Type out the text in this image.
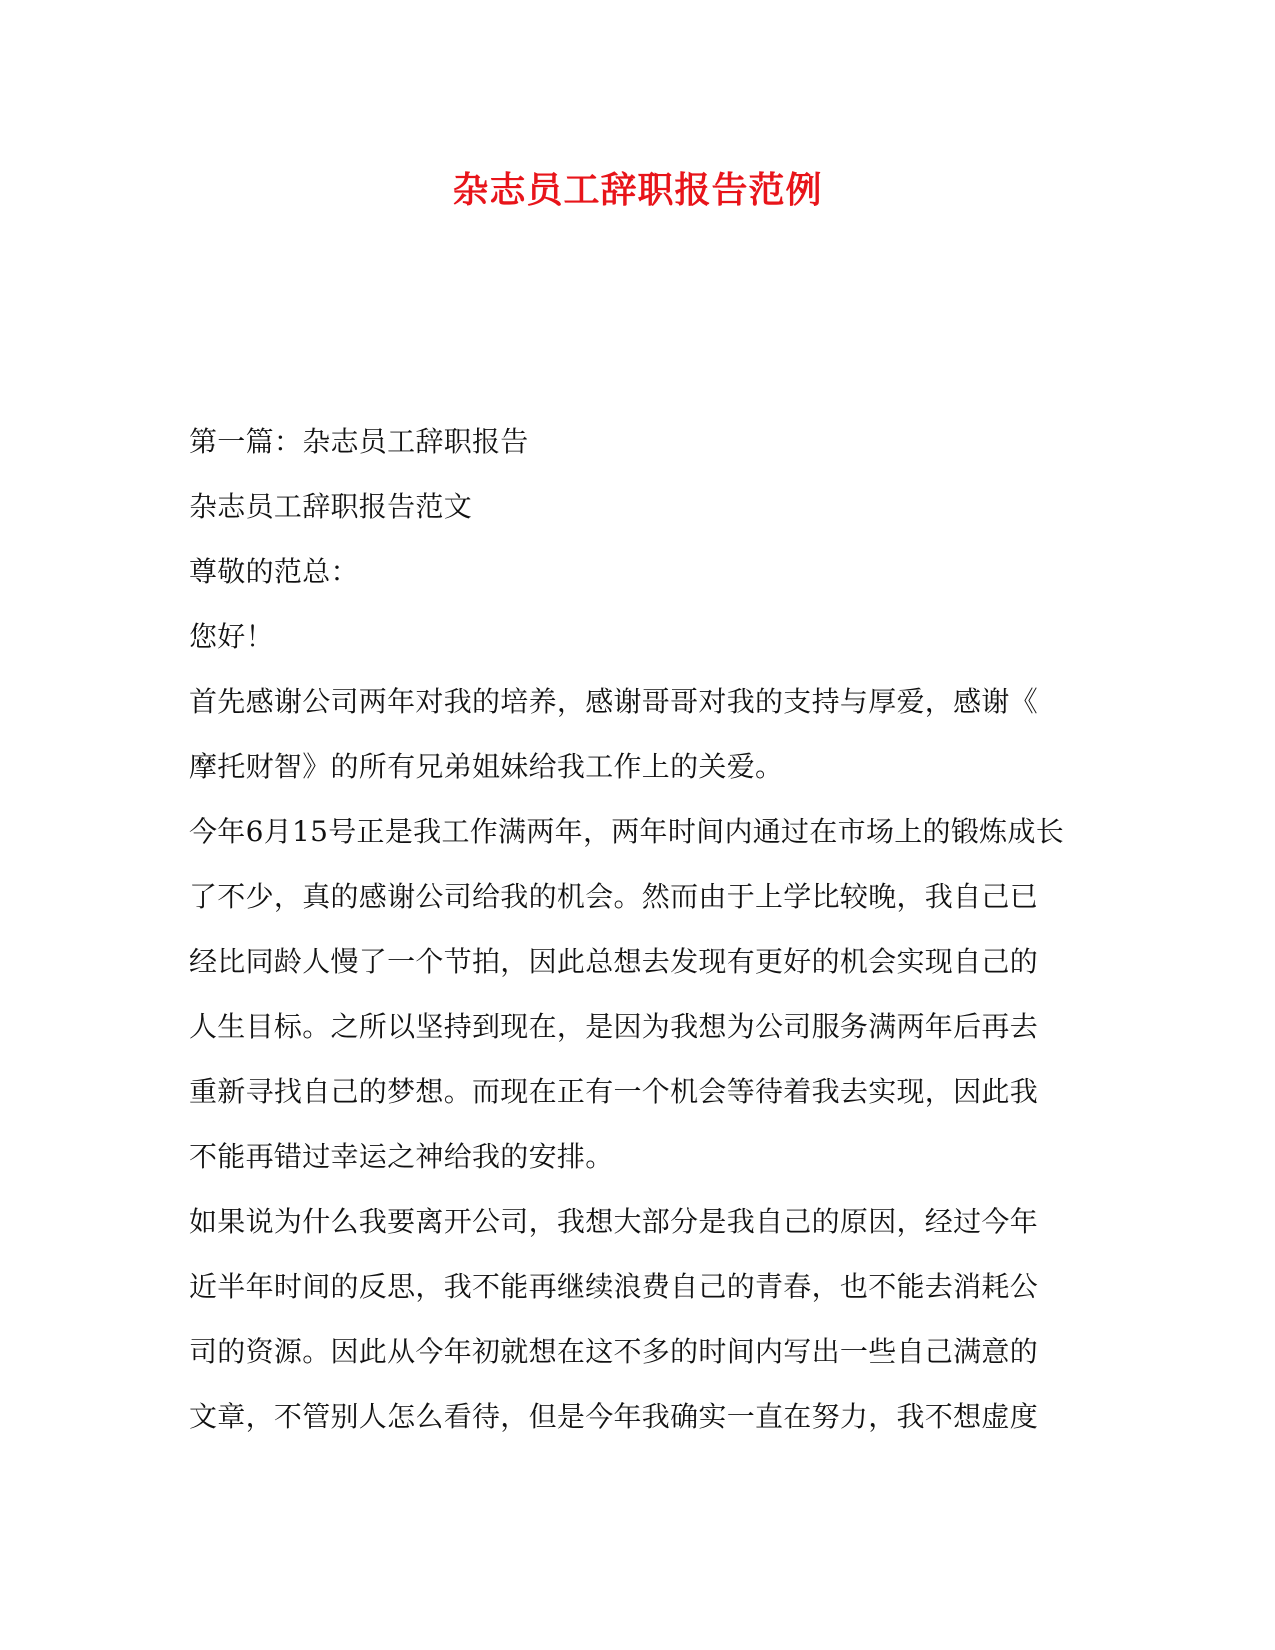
杂志员工辞职报告范例

第一篇：杂志员工辞职报告

杂志员工辞职报告范文

尊敬的范总：

您好！

首先感谢公司两年对我的培养，感谢哥哥对我的支持与厚爱，感谢《

摩托财智》的所有兄弟姐妹给我工作上的关爱。

今年6月15号正是我工作满两年，两年时间内通过在市场上的锻炼成长

了不少，真的感谢公司给我的机会。然而由于上学比较晚，我自己已

经比同龄人慢了一个节拍，因此总想去发现有更好的机会实现自己的

人生目标。之所以坚持到现在，是因为我想为公司服务满两年后再去

重新寻找自己的梦想。而现在正有一个机会等待着我去实现，因此我

不能再错过幸运之神给我的安排。

如果说为什么我要离开公司，我想大部分是我自己的原因，经过今年

近半年时间的反思，我不能再继续浪费自己的青春，也不能去消耗公

司的资源。因此从今年初就想在这不多的时间内写出一些自己满意的

文章，不管别人怎么看待，但是今年我确实一直在努力，我不想虚度
